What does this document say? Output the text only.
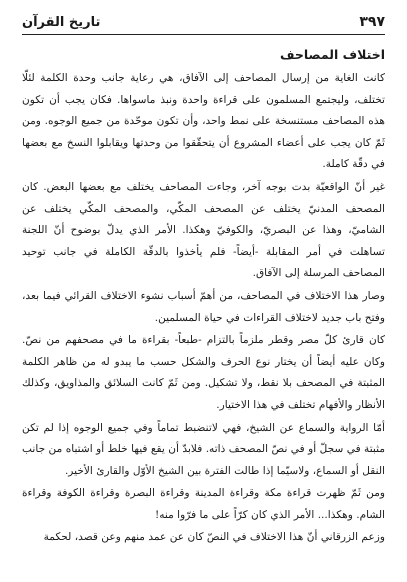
٣٩٧
تاريخ القرآن
اختلاف المصاحف

كانت الغاية من إرسال المصاحف إلى الآفاق، هي رعاية جانب وحدة الكلمة لئلّا تختلف، وليجتمع المسلمون على قراءة واحدة ونبذ ماسواها. فكان يجب أن تكون هذه المصاحف مستنسخة على نمط واحد، وأن تكون موحّدة من جميع الوجوه. ومن ثَمّ كان يجب على أعضاء المشروع أن يتحقّقوا من وحدتها ويقابلوا النسخ مع بعضها في دقّة كاملة.

غير أنّ الواقعيّة بدت بوجه آخر، وجاءت المصاحف يختلف مع بعضها البعض. كان المصحف المدنيّ يختلف عن المصحف المكّي، والمصحف المكّي يختلف عن الشاميّ، وهذا عن البصريّ، والكوفيّ وهكذا. الأمر الذي يدلّ بوضوح أنّ اللجنة تساهلت في أمر المقابلة -أيضاً- فلم يأخذوا بالدقّة الكاملة في جانب توحيد المصاحف المرسلة إلى الآفاق.

وصار هذا الاختلاف في المصاحف، من أهمّ أسباب نشوء الاختلاف القرائي فيما بعد، وفتح باب جديد لاختلاف القراءات في حياة المسلمين.

كان قارئ كلّ مصر وقطر ملزماً بالتزام -طبعاً- بقراءة ما في مصحفهم من نصّ. وكان عليه أيضاً أن يختار نوع الحرف والشكل حسب ما يبدو له من ظاهر الكلمة المثبتة في المصحف بلا نقط، ولا تشكيل. ومن ثَمّ كانت السلائق والمذاويق، وكذلك الأنظار والأفهام تختلف في هذا الاختيار.

أمّا الرواية والسماع عن الشيخ، فهي لاتنضبط تماماً وفي جميع الوجوه إذا لم تكن مثبتة في سجلّ أو في نصّ المصحف ذاته. فلابدّ أن يقع فيها خلط أو اشتباه من جانب النقل أو السماع، ولاسيّما إذا طالت الفترة بين الشيخ الأوّل والقارئ الأخير.

ومن ثَمّ ظهرت قراءة مكة وقراءة المدينة وقراءة البصرة وقراءة الكوفة وقراءة الشام. وهكذا... الأمر الذي كان كرّاً على ما فرّوا منه!

وزعم الزرقاني أنّ هذا الاختلاف في النصّ كان عن عمد منهم وعن قصد، لحكمة
